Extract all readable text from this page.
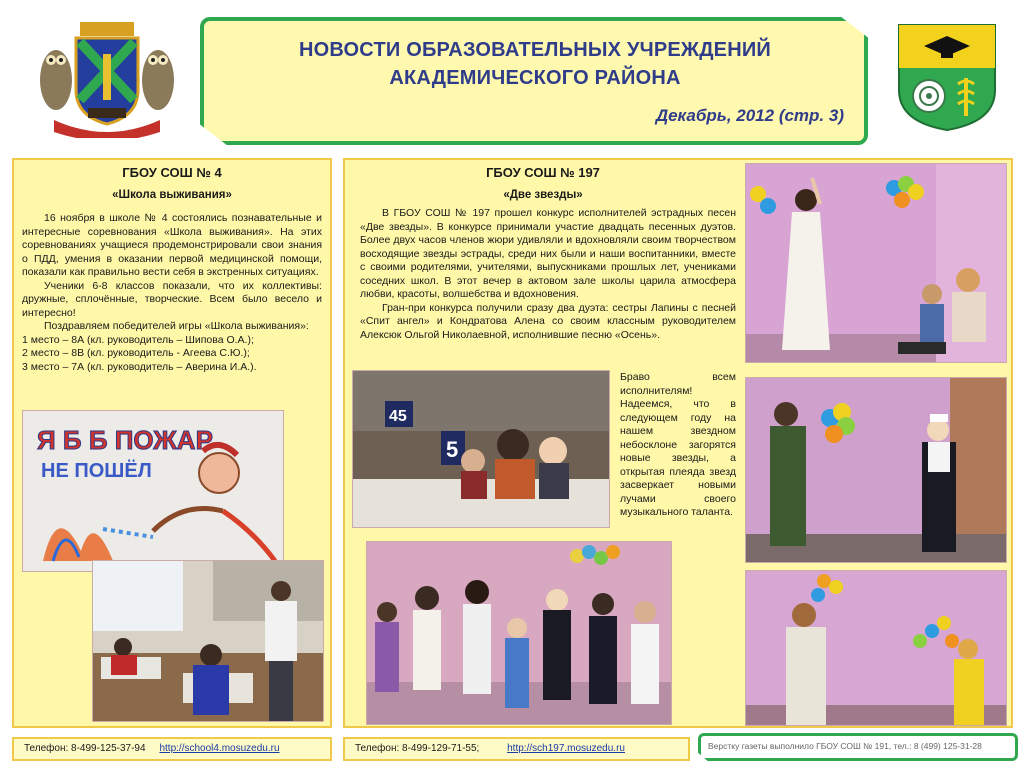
НОВОСТИ ОБРАЗОВАТЕЛЬНЫХ УЧРЕЖДЕНИЙ
АКАДЕМИЧЕСКОГО РАЙОНА
Декабрь, 2012 (стр. 3)
ГБОУ СОШ № 4
«Школа выживания»

16 ноября в школе № 4 состоялись познавательные и интересные соревнования «Школа выживания». На этих соревнованиях учащиеся продемонстрировали свои знания о ПДД, умения в оказании первой медицинской помощи, показали как правильно вести себя в экстренных ситуациях.

Ученики 6-8 классов показали, что их коллективы: дружные, сплочённые, творческие. Всем было весело и интересно!

Поздравляем победителей игры «Школа выживания»:

1 место – 8А (кл. руководитель – Шипова О.А.);

2 место – 8В (кл. руководитель - Агеева С.Ю.);

3 место – 7А (кл. руководитель – Аверина И.А.).

Я Б Б ПОЖАР
НЕ ПОШЁЛ
ГБОУ СОШ № 197
«Две звезды»

В ГБОУ СОШ № 197 прошел конкурс исполнителей эстрадных песен «Две звезды». В конкурсе принимали участие двадцать песенных дуэтов. Более двух часов членов жюри удивляли и вдохновляли своим творчеством восходящие звезды эстрады, среди них были и наши воспитанники, вместе с своими родителями, учителями, выпускниками прошлых лет, учениками соседних школ. В этот вечер в актовом зале школы царила атмосфера любви, красоты, волшебства и вдохновения.

Гран-при конкурса получили сразу два дуэта: сестры Лапины с песней «Спит ангел» и Кондратова Алена со своим классным руководителем Алексюк Ольгой Николаевной, исполнившие песню «Осень».

Браво всем исполнителям! Надеемся, что в следующем году на нашем звездном небосклоне загорятся новые звезды, а открытая плеяда звезд засверкает новыми лучами своего музыкального таланта.
45
5
Телефон: 8-499-125-37-94 http://school4.mosuzedu.ru	Телефон: 8-499-129-71-55;	http://sch197.mosuzedu.ru	Верстку газеты выполнило ГБОУ СОШ № 191, тел.: 8 (499) 125-31-28
